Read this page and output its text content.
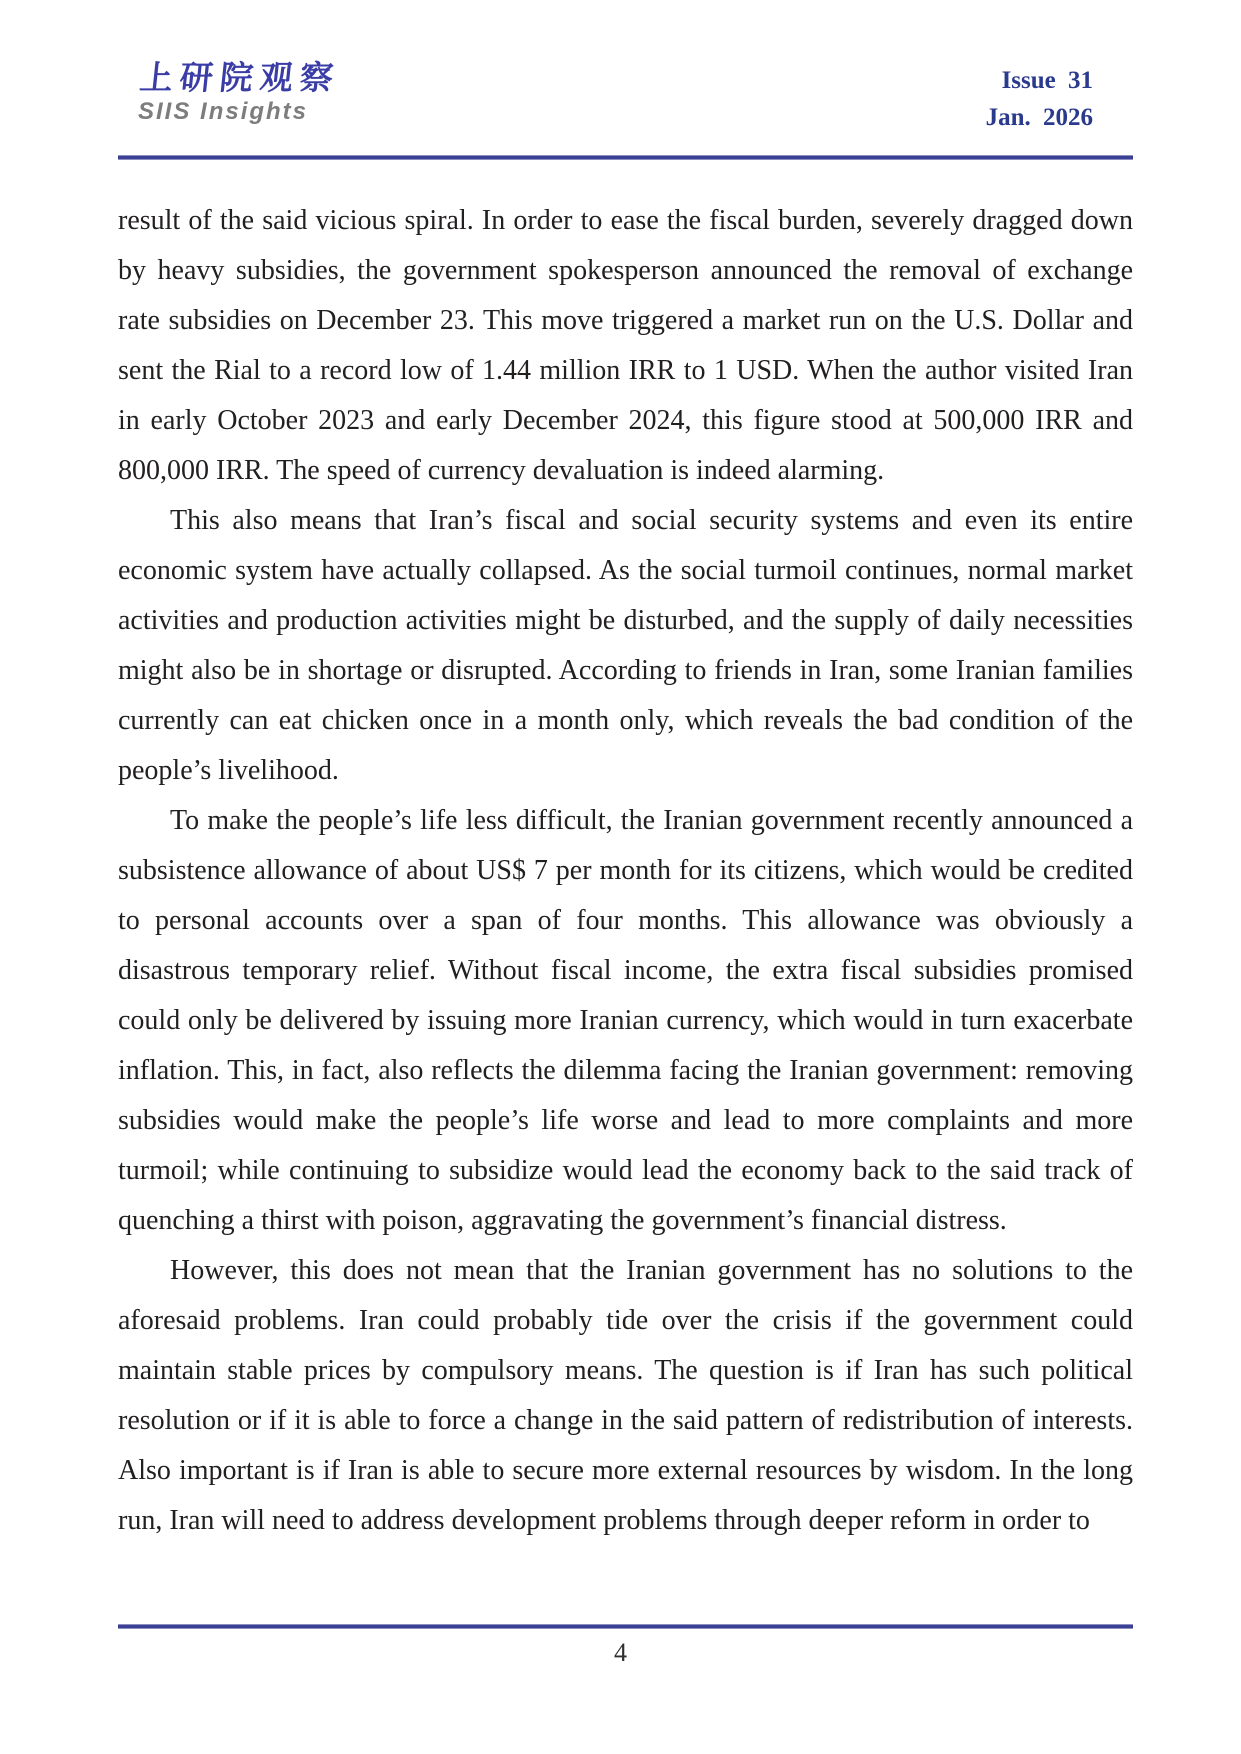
上研院观察
SIIS Insights
Issue 31
Jan. 2026

result of the said vicious spiral. In order to ease the fiscal burden, severely dragged down by heavy subsidies, the government spokesperson announced the removal of exchange rate subsidies on December 23. This move triggered a market run on the U.S. Dollar and sent the Rial to a record low of 1.44 million IRR to 1 USD. When the author visited Iran in early October 2023 and early December 2024, this figure stood at 500,000 IRR and 800,000 IRR. The speed of currency devaluation is indeed alarming.

This also means that Iran’s fiscal and social security systems and even its entire economic system have actually collapsed. As the social turmoil continues, normal market activities and production activities might be disturbed, and the supply of daily necessities might also be in shortage or disrupted. According to friends in Iran, some Iranian families currently can eat chicken once in a month only, which reveals the bad condition of the people’s livelihood.

To make the people’s life less difficult, the Iranian government recently announced a subsistence allowance of about US$ 7 per month for its citizens, which would be credited to personal accounts over a span of four months. This allowance was obviously a disastrous temporary relief. Without fiscal income, the extra fiscal subsidies promised could only be delivered by issuing more Iranian currency, which would in turn exacerbate inflation. This, in fact, also reflects the dilemma facing the Iranian government: removing subsidies would make the people’s life worse and lead to more complaints and more turmoil; while continuing to subsidize would lead the economy back to the said track of quenching a thirst with poison, aggravating the government’s financial distress.

However, this does not mean that the Iranian government has no solutions to the aforesaid problems. Iran could probably tide over the crisis if the government could maintain stable prices by compulsory means. The question is if Iran has such political resolution or if it is able to force a change in the said pattern of redistribution of interests. Also important is if Iran is able to secure more external resources by wisdom. In the long run, Iran will need to address development problems through deeper reform in order to

4
